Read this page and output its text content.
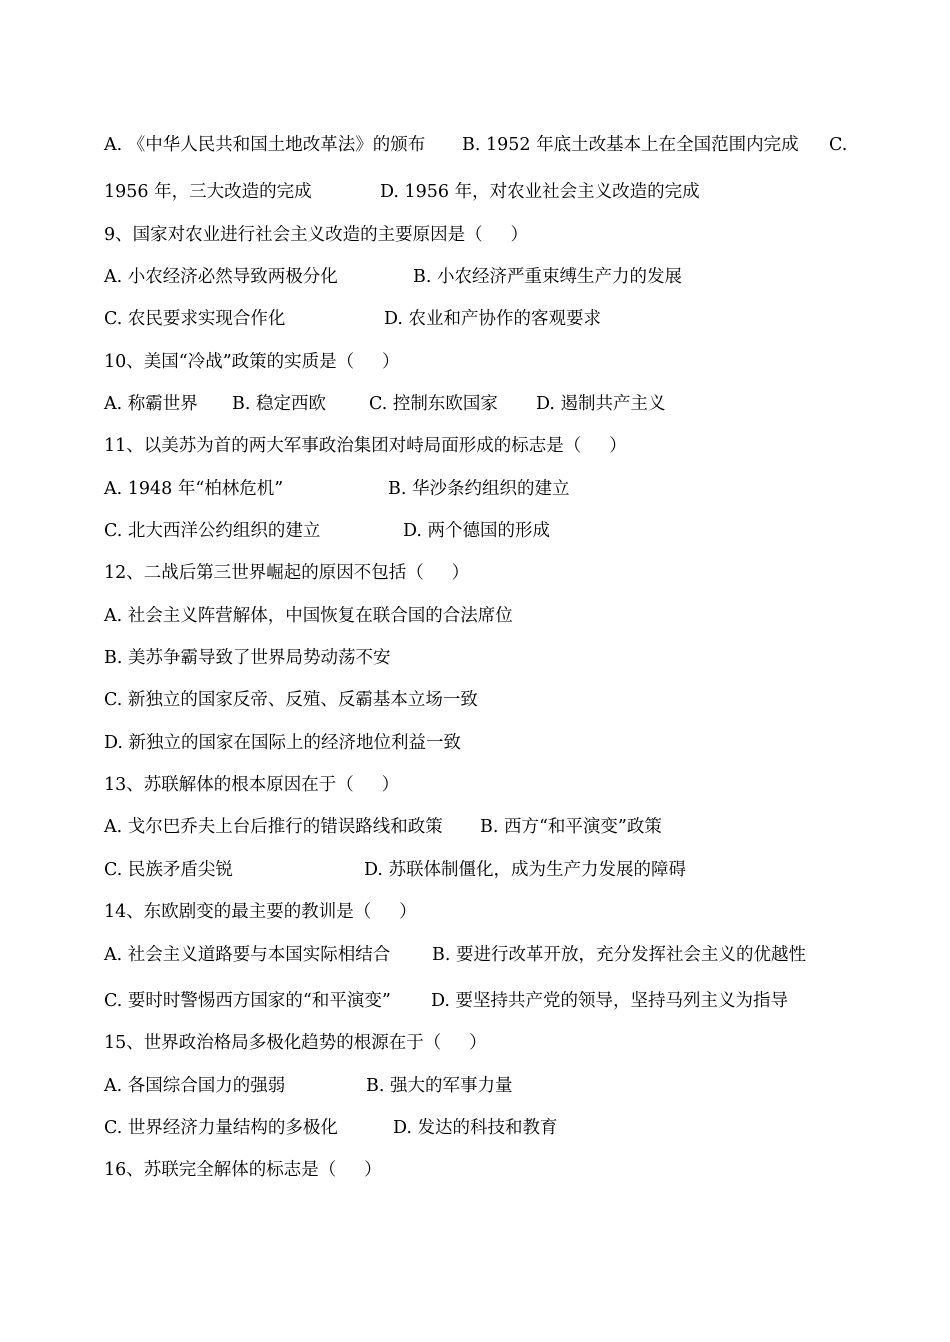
A. 《中华人民共和国土地改革法》的颁布

B. 1952 年底土改基本上在全国范围内完成

C.

1956 年，三大改造的完成

	D. 1956 年，对农业社会主义改造的完成

9、国家对农业进行社会主义改造的主要原因是（     ）

A. 小农经济必然导致两极分化

	B. 小农经济严重束缚生产力的发展

C. 农民要求实现合作化

	D. 农业和产协作的客观要求

10、美国“冷战”政策的实质是（     ）

A. 称霸世界

B. 稳定西欧

C. 控制东欧国家

D. 遏制共产主义

11、以美苏为首的两大军事政治集团对峙局面形成的标志是（     ）

A. 1948 年“柏林危机”

	B. 华沙条约组织的建立

C. 北大西洋公约组织的建立

	D. 两个德国的形成

12、二战后第三世界崛起的原因不包括（     ）
A. 社会主义阵营解体，中国恢复在联合国的合法席位
B. 美苏争霸导致了世界局势动荡不安
C. 新独立的国家反帝、反殖、反霸基本立场一致
D. 新独立的国家在国际上的经济地位利益一致
13、苏联解体的根本原因在于（     ）

A. 戈尔巴乔夫上台后推行的错误路线和政策

B. 西方“和平演变”政策

C. 民族矛盾尖锐

	D. 苏联体制僵化，成为生产力发展的障碍

14、东欧剧变的最主要的教训是（     ）

A. 社会主义道路要与本国实际相结合

B. 要进行改革开放，充分发挥社会主义的优越性

C. 要时时警惕西方国家的“和平演变”

D. 要坚持共产党的领导，坚持马列主义为指导

15、世界政治格局多极化趋势的根源在于（     ）

A. 各国综合国力的强弱

	B. 强大的军事力量

C. 世界经济力量结构的多极化

	D. 发达的科技和教育

16、苏联完全解体的标志是（     ）
